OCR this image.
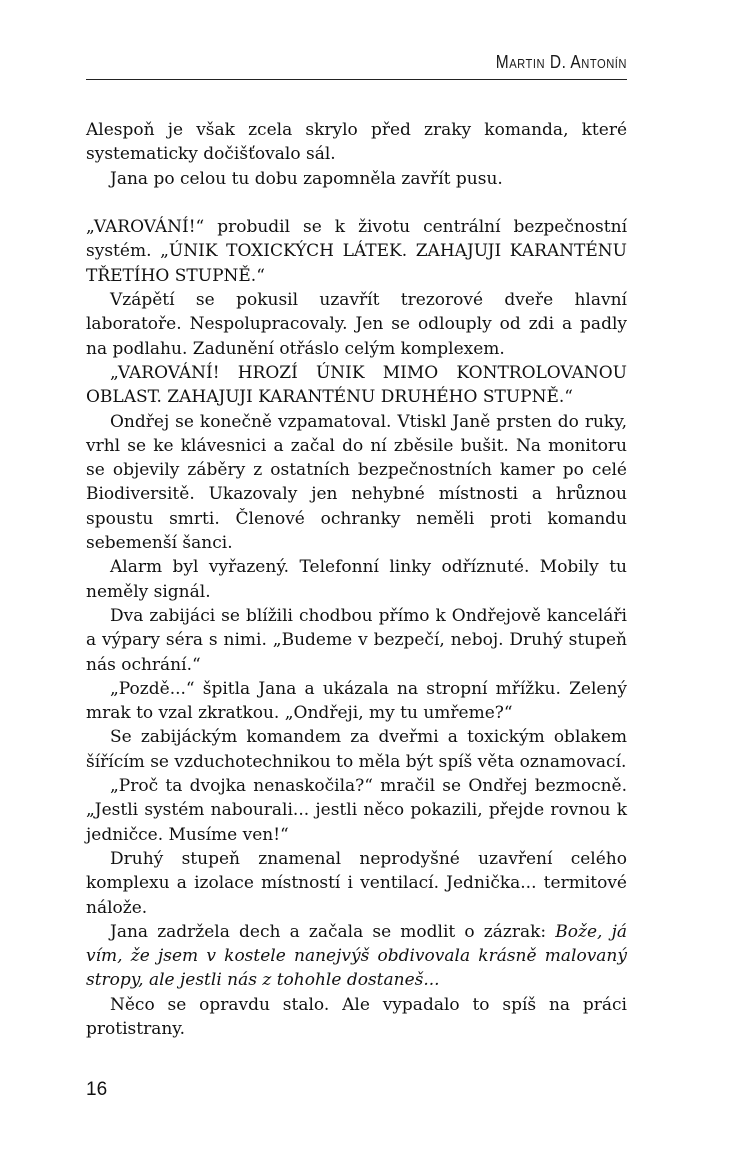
Martin D. Antonín

Alespoň je však zcela skrylo před zraky komanda, které systematicky dočišťovalo sál.

Jana po celou tu dobu zapomněla zavřít pusu.

„VAROVÁNÍ!“ probudil se k životu centrální bezpečnostní systém. „ÚNIK TOXICKÝCH LÁTEK. ZAHAJUJI KARANTÉNU TŘETÍHO STUPNĚ.“

Vzápětí se pokusil uzavřít trezorové dveře hlavní laboratoře. Nespolupracovaly. Jen se odlouply od zdi a padly na podlahu. Zadunění otřáslo celým komplexem.

„VAROVÁNÍ! HROZÍ ÚNIK MIMO KONTROLOVANOU OBLAST. ZAHAJUJI KARANTÉNU DRUHÉHO STUPNĚ.“

Ondřej se konečně vzpamatoval. Vtiskl Janě prsten do ruky, vrhl se ke klávesnici a začal do ní zběsile bušit. Na monitoru se objevily záběry z ostatních bezpečnostních kamer po celé Biodiversitě. Ukazovaly jen nehybné místnosti a hrůznou spoustu smrti. Členové ochranky neměli proti komandu sebemenší šanci.

Alarm byl vyřazený. Telefonní linky odříznuté. Mobily tu neměly signál.

Dva zabijáci se blížili chodbou přímo k Ondřejově kanceláři a výpary séra s nimi. „Budeme v bezpečí, neboj. Druhý stupeň nás ochrání.“

„Pozdě...“ špitla Jana a ukázala na stropní mřížku. Zelený mrak to vzal zkratkou. „Ondřeji, my tu umřeme?“

Se zabijáckým komandem za dveřmi a toxickým oblakem šířícím se vzduchotechnikou to měla být spíš věta oznamovací.

„Proč ta dvojka nenaskočila?“ mračil se Ondřej bezmocně. „Jestli systém nabourali... jestli něco pokazili, přejde rovnou k jedničce. Musíme ven!“

Druhý stupeň znamenal neprodyšné uzavření celého komplexu a izolace místností i ventilací. Jednička... termitové nálože.

Jana zadržela dech a začala se modlit o zázrak: Bože, já vím, že jsem v kostele nanejvýš obdivovala krásně malovaný stropy, ale jestli nás z tohohle dostaneš...

Něco se opravdu stalo. Ale vypadalo to spíš na práci protistrany.

16
